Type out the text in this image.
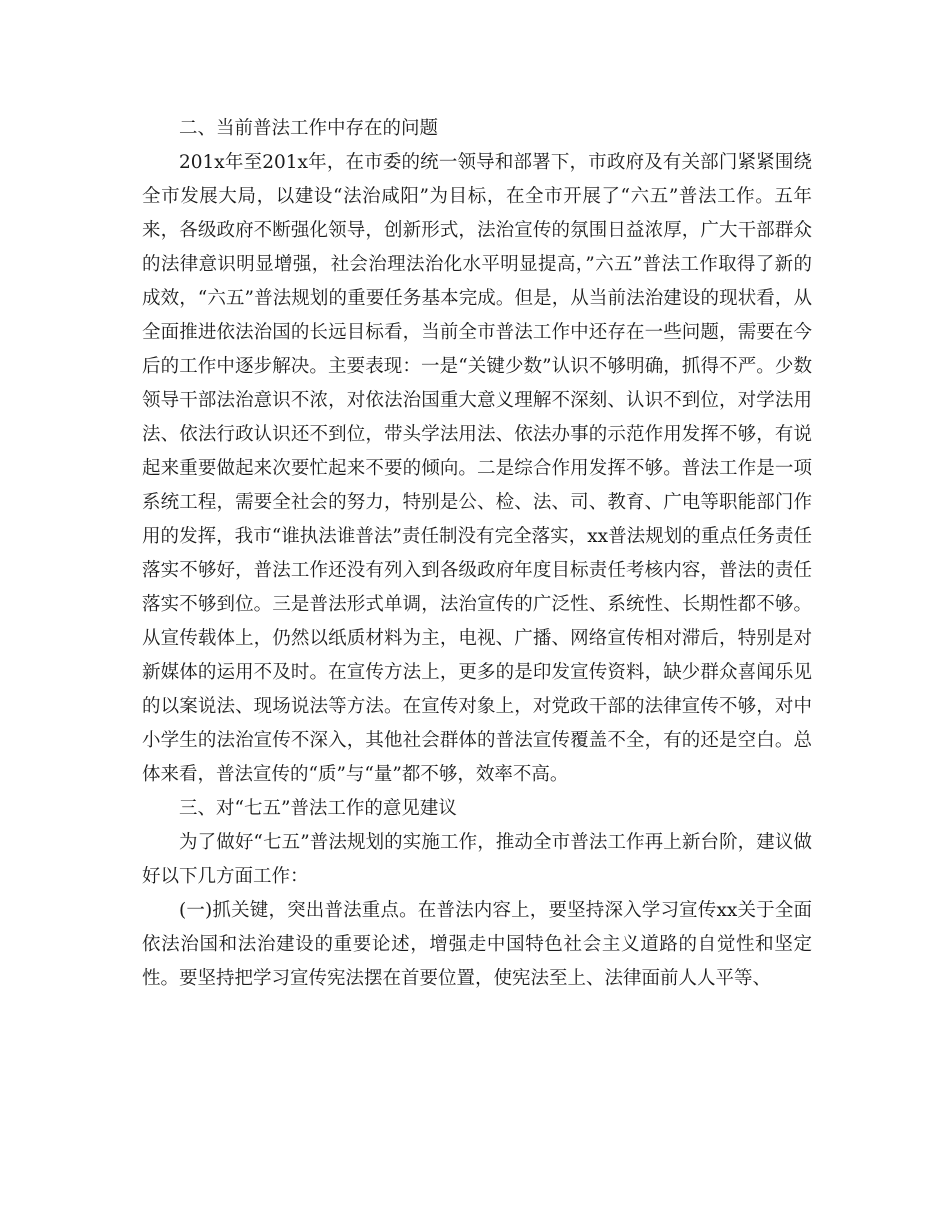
二、当前普法工作中存在的问题

201x年至201x年，在市委的统一领导和部署下，市政府及有关部门紧紧围绕全市发展大局，以建设“法治咸阳”为目标，在全市开展了“六五”普法工作。五年来，各级政府不断强化领导，创新形式，法治宣传的氛围日益浓厚，广大干部群众的法律意识明显增强，社会治理法治化水平明显提高，”六五”普法工作取得了新的成效，“六五”普法规划的重要任务基本完成。但是，从当前法治建设的现状看，从全面推进依法治国的长远目标看，当前全市普法工作中还存在一些问题，需要在今后的工作中逐步解决。主要表现：一是“关键少数”认识不够明确，抓得不严。少数领导干部法治意识不浓，对依法治国重大意义理解不深刻、认识不到位，对学法用法、依法行政认识还不到位，带头学法用法、依法办事的示范作用发挥不够，有说起来重要做起来次要忙起来不要的倾向。二是综合作用发挥不够。普法工作是一项系统工程，需要全社会的努力，特别是公、检、法、司、教育、广电等职能部门作用的发挥，我市“谁执法谁普法”责任制没有完全落实，xx普法规划的重点任务责任落实不够好，普法工作还没有列入到各级政府年度目标责任考核内容，普法的责任落实不够到位。三是普法形式单调，法治宣传的广泛性、系统性、长期性都不够。从宣传载体上，仍然以纸质材料为主，电视、广播、网络宣传相对滞后，特别是对新媒体的运用不及时。在宣传方法上，更多的是印发宣传资料，缺少群众喜闻乐见的以案说法、现场说法等方法。在宣传对象上，对党政干部的法律宣传不够，对中小学生的法治宣传不深入，其他社会群体的普法宣传覆盖不全，有的还是空白。总体来看，普法宣传的“质”与“量”都不够，效率不高。

三、对“七五”普法工作的意见建议

为了做好“七五”普法规划的实施工作，推动全市普法工作再上新台阶，建议做好以下几方面工作：

(一)抓关键，突出普法重点。在普法内容上，要坚持深入学习宣传xx关于全面依法治国和法治建设的重要论述，增强走中国特色社会主义道路的自觉性和坚定性。要坚持把学习宣传宪法摆在首要位置，使宪法至上、法律面前人人平等、
